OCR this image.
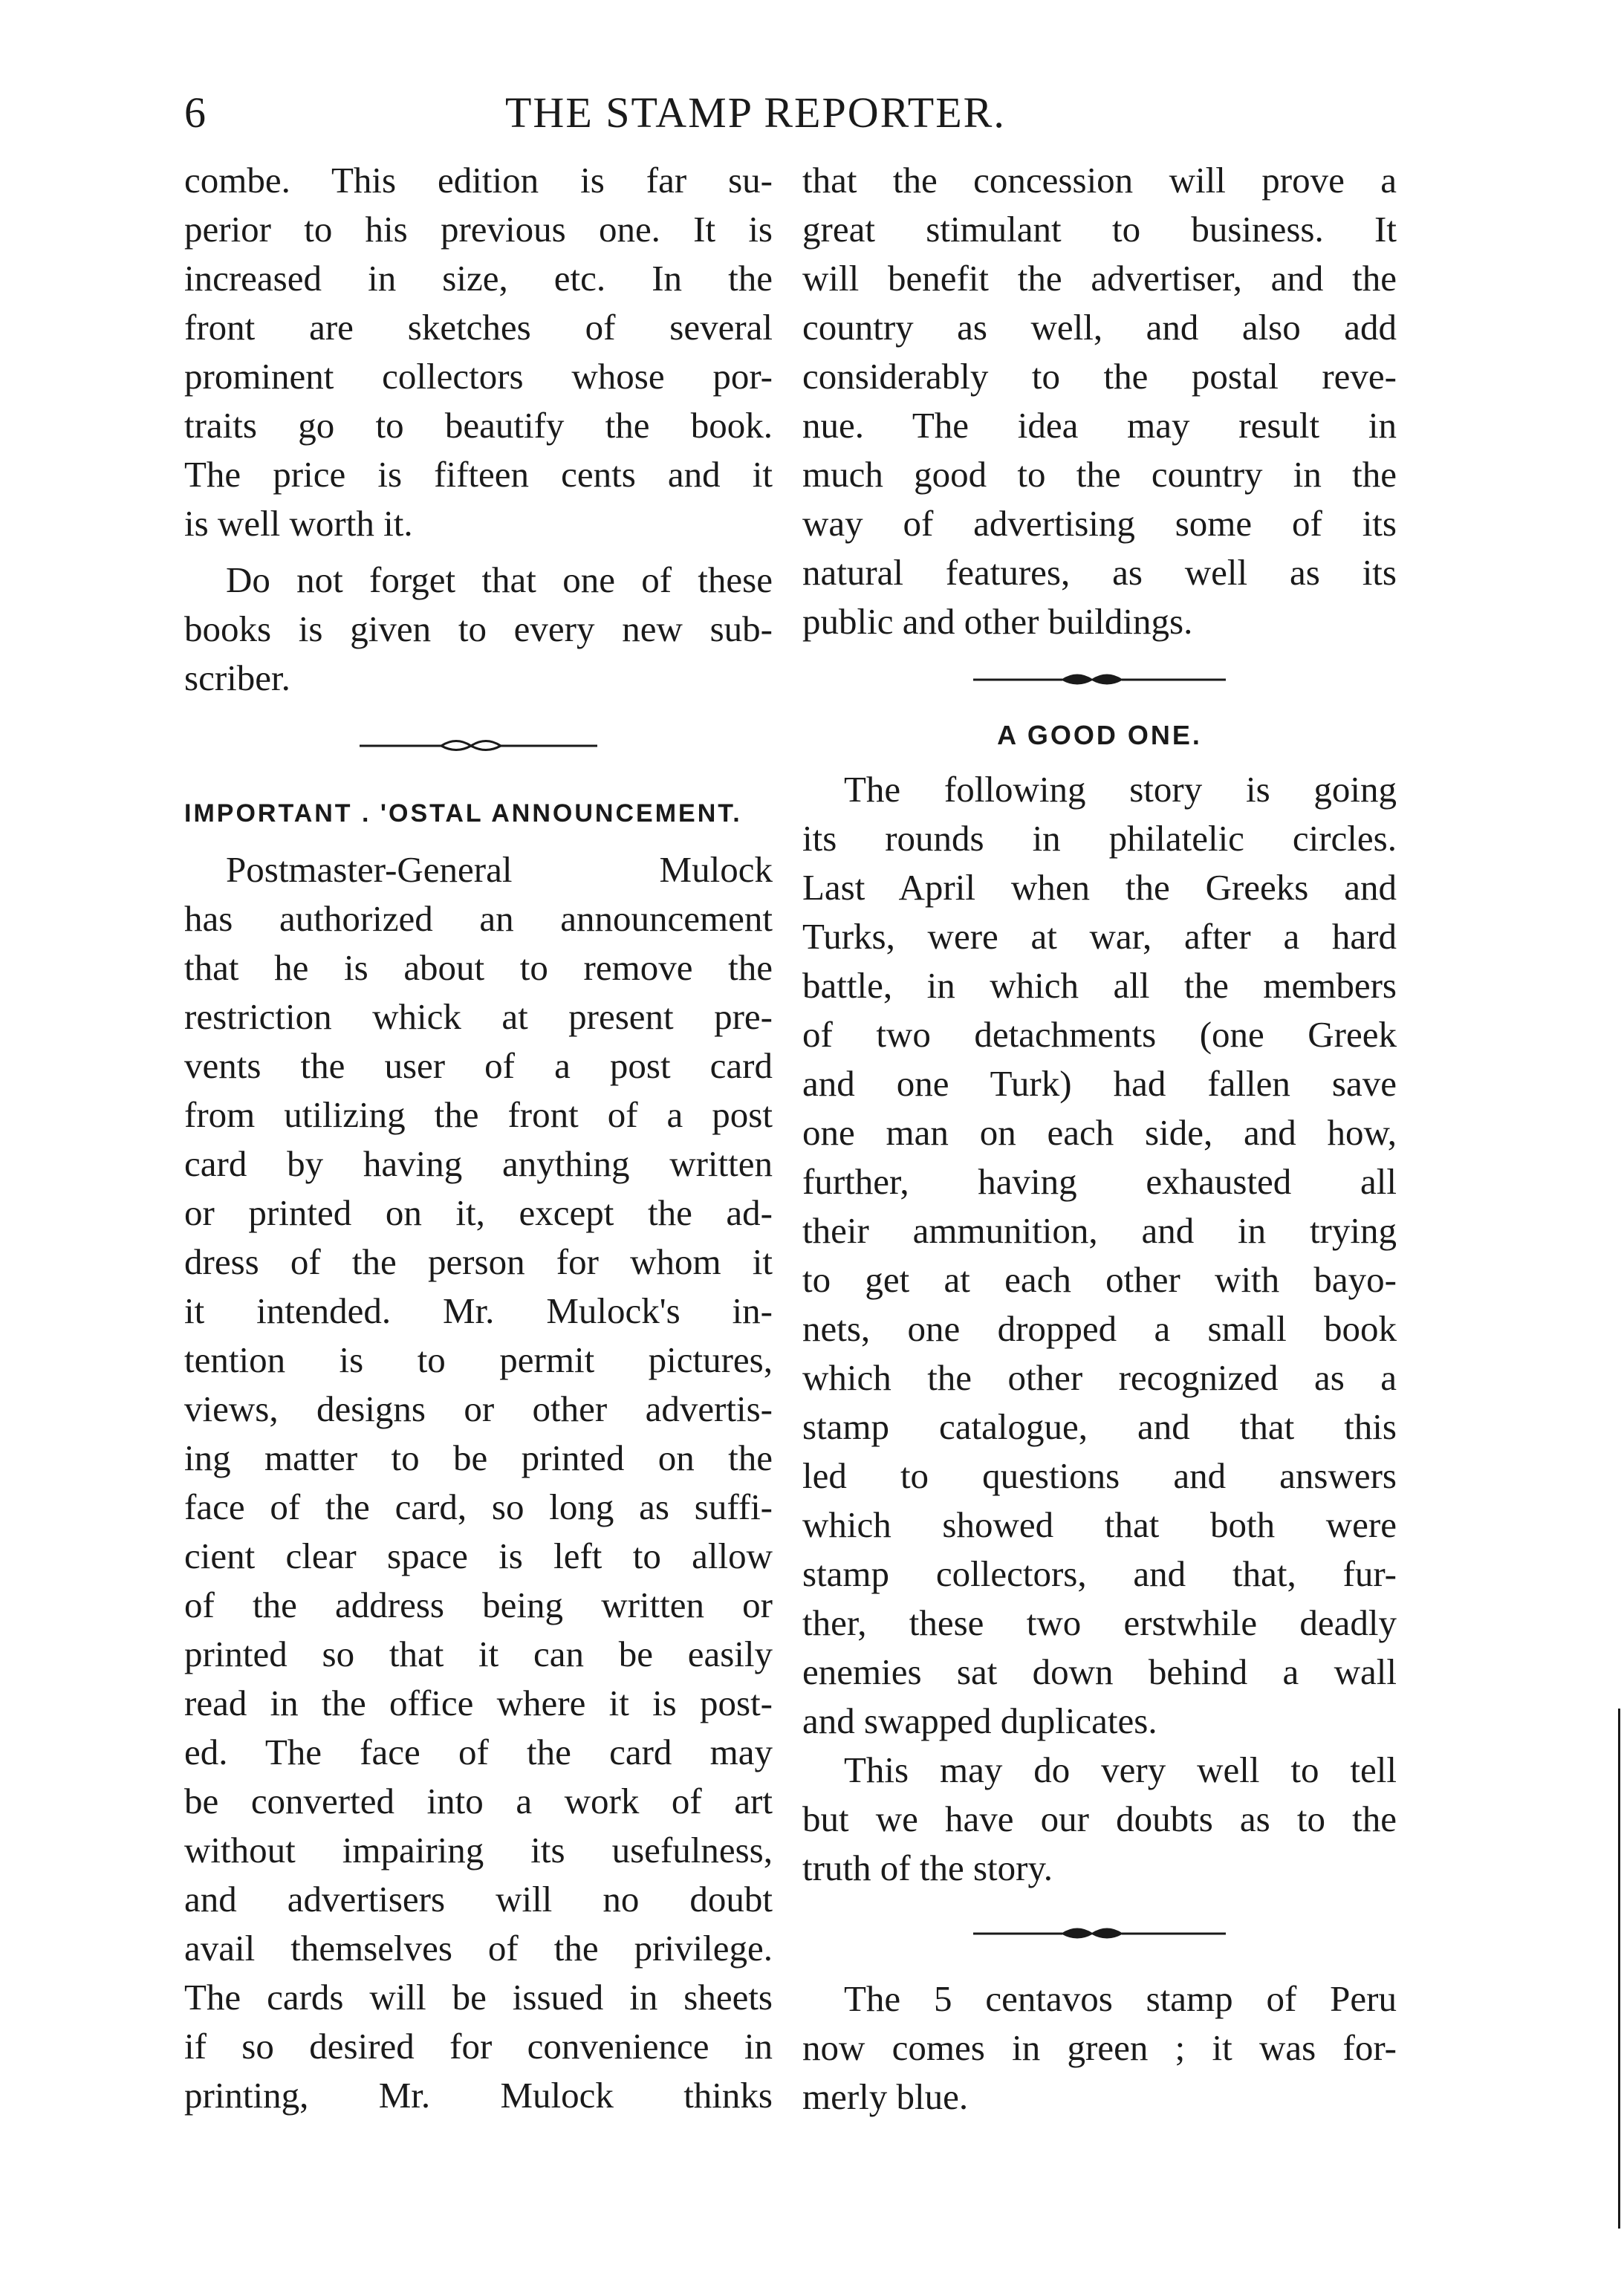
6	THE STAMP REPORTER.
combe. This edition is far su-
perior to his previous one. It is
increased in size, etc. In the
front are sketches of several
prominent collectors whose por-
traits go to beautify the book.
The price is fifteen cents and it
is well worth it.
Do not forget that one of these
books is given to every new sub-
scriber.
IMPORTANT . 'OSTAL ANNOUNCEMENT.
Postmaster-General Mulock
has authorized an announcement
that he is about to remove the
restriction whick at present pre-
vents the user of a post card
from utilizing the front of a post
card by having anything written
or printed on it, except the ad-
dress of the person for whom it
it intended. Mr. Mulock's in-
tention is to permit pictures,
views, designs or other advertis-
ing matter to be printed on the
face of the card, so long as suffi-
cient clear space is left to allow
of the address being written or
printed so that it can be easily
read in the office where it is post-
ed. The face of the card may
be converted into a work of art
without impairing its usefulness,
and advertisers will no doubt
avail themselves of the privilege.
The cards will be issued in sheets
if so desired for convenience in
printing, Mr. Mulock thinks
that the concession will prove a
great stimulant to business. It
will benefit the advertiser, and the
country as well, and also add
considerably to the postal reve-
nue. The idea may result in
much good to the country in the
way of advertising some of its
natural features, as well as its
public and other buildings.
A GOOD ONE.
The following story is going
its rounds in philatelic circles.
Last April when the Greeks and
Turks, were at war, after a hard
battle, in which all the members
of two detachments (one Greek
and one Turk) had fallen save
one man on each side, and how,
further, having exhausted all
their ammunition, and in trying
to get at each other with bayo-
nets, one dropped a small book
which the other recognized as a
stamp catalogue, and that this
led to questions and answers
which showed that both were
stamp collectors, and that, fur-
ther, these two erstwhile deadly
enemies sat down behind a wall
and swapped duplicates.
This may do very well to tell
but we have our doubts as to the
truth of the story.
The 5 centavos stamp of Peru
now comes in green ; it was for-
merly blue.
